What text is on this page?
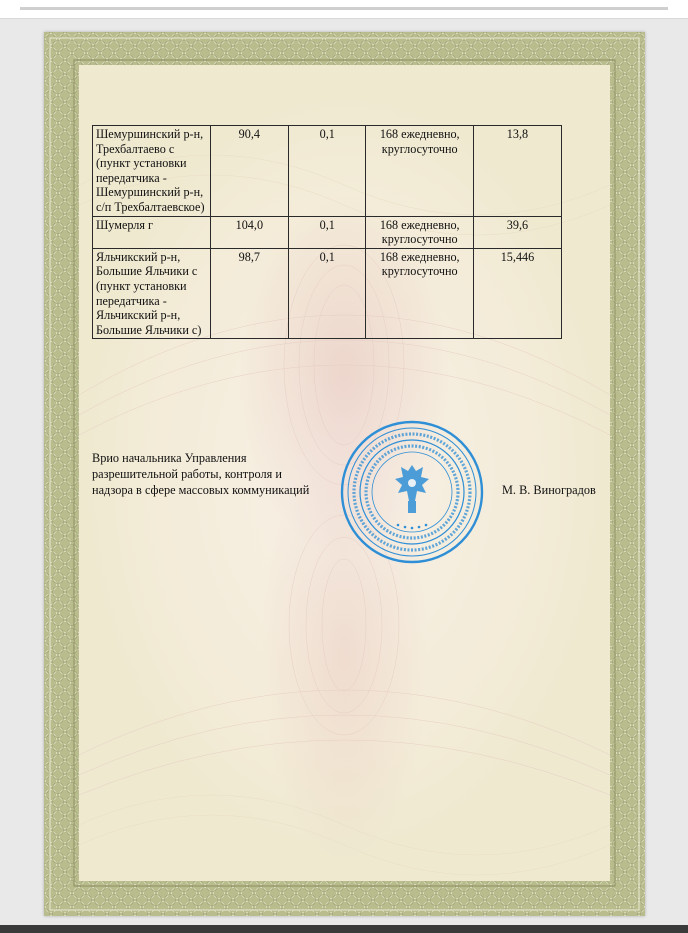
Шемуршинский р-н, Трехбалтаево с (пункт установки передатчика - Шемуршинский р-н, с/п Трехбалтаевское)	90,4	0,1	168 ежедневно, круглосуточно	13,8
Шумерля г	104,0	0,1	168 ежедневно, круглосуточно	39,6
Яльчикский р-н, Большие Яльчики с (пункт установки передатчика - Яльчикский р-н, Большие Яльчики с)	98,7	0,1	168 ежедневно, круглосуточно	15,446
Врио начальника Управления
разрешительной работы, контроля и
надзора в сфере массовых коммуникаций	М. В. Виноградов
.
